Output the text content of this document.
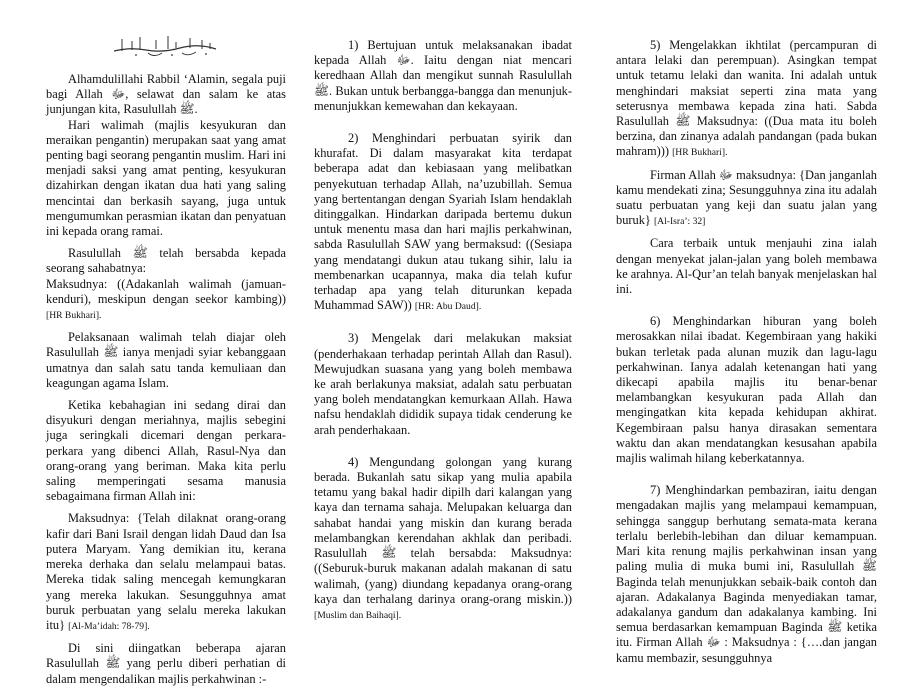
Alhamdulillahi Rabbil ‘Alamin, segala puji bagi Allah ﷻ, selawat dan salam ke atas junjungan kita, Rasulullah ﷺ.

Hari walimah (majlis kesyukuran dan meraikan pengantin) merupakan saat yang amat penting bagi seorang pengantin muslim. Hari ini menjadi saksi yang amat penting, kesyukuran dizahirkan dengan ikatan dua hati yang saling mencintai dan berkasih sayang, juga untuk mengumumkan perasmian ikatan dan penyatuan ini kepada orang ramai.

Rasulullah ﷺ telah bersabda kepada seorang sahabatnya:

Maksudnya: ((Adakanlah walimah (jamuan-kenduri), meskipun dengan seekor kambing)) [HR Bukhari].

Pelaksanaan walimah telah diajar oleh Rasulullah ﷺ ianya menjadi syiar kebanggaan umatnya dan salah satu tanda kemuliaan dan keagungan agama Islam.

Ketika kebahagian ini sedang dirai dan disyukuri dengan meriahnya, majlis sebegini juga seringkali dicemari dengan perkara-perkara yang dibenci Allah, Rasul-Nya dan orang-orang yang beriman. Maka kita perlu saling memperingati sesama manusia sebagaimana firman Allah ini:

Maksudnya: {Telah dilaknat orang-orang kafir dari Bani Israil dengan lidah Daud dan Isa putera Maryam. Yang demikian itu, kerana mereka derhaka dan selalu melampaui batas. Mereka tidak saling mencegah kemungkaran yang mereka lakukan. Sesungguhnya amat buruk perbuatan yang selalu mereka lakukan itu} [Al-Ma’idah: 78-79].

Di sini diingatkan beberapa ajaran Rasulullah ﷺ yang perlu diberi perhatian di dalam mengendalikan majlis perkahwinan :-

1) Bertujuan untuk melaksanakan ibadat kepada Allah ﷻ. Iaitu dengan niat mencari keredhaan Allah dan mengikut sunnah Rasulullah ﷺ. Bukan untuk berbangga-bangga dan menunjuk-menunjukkan kemewahan dan kekayaan.

2) Menghindari perbuatan syirik dan khurafat. Di dalam masyarakat kita terdapat beberapa adat dan kebiasaan yang melibatkan penyekutuan terhadap Allah, na’uzubillah. Semua yang bertentangan dengan Syariah Islam hendaklah ditinggalkan. Hindarkan daripada bertemu dukun untuk menentu masa dan hari majlis perkahwinan, sabda Rasulullah SAW yang bermaksud: ((Sesiapa yang mendatangi dukun atau tukang sihir, lalu ia membenarkan ucapannya, maka dia telah kufur terhadap apa yang telah diturunkan kepada Muhammad SAW)) [HR: Abu Daud].

3) Mengelak dari melakukan maksiat (penderhakaan terhadap perintah Allah dan Rasul). Mewujudkan suasana yang yang boleh membawa ke arah berlakunya maksiat, adalah satu perbuatan yang boleh mendatangkan kemurkaan Allah. Hawa nafsu hendaklah dididik supaya tidak cenderung ke arah penderhakaan.

4) Mengundang golongan yang kurang berada. Bukanlah satu sikap yang mulia apabila tetamu yang bakal hadir dipilh dari kalangan yang kaya dan ternama sahaja. Melupakan keluarga dan sahabat handai yang miskin dan kurang berada melambangkan kerendahan akhlak dan peribadi. Rasulullah ﷺ telah bersabda: Maksudnya: ((Seburuk-buruk makanan adalah makanan di satu walimah, (yang) diundang kepadanya orang-orang kaya dan terhalang darinya orang-orang miskin.)) [Muslim dan Baihaqi].

5) Mengelakkan ikhtilat (percampuran di antara lelaki dan perempuan). Asingkan tempat untuk tetamu lelaki dan wanita. Ini adalah untuk menghindari maksiat seperti zina mata yang seterusnya membawa kepada zina hati. Sabda Rasulullah ﷺ Maksudnya: ((Dua mata itu boleh berzina, dan zinanya adalah pandangan (pada bukan mahram))) [HR Bukhari].

Firman Allah ﷻ maksudnya: {Dan janganlah kamu mendekati zina; Sesungguhnya zina itu adalah suatu perbuatan yang keji dan suatu jalan yang buruk} [Al-Isra’: 32]

Cara terbaik untuk menjauhi zina ialah dengan menyekat jalan-jalan yang boleh membawa ke arahnya. Al-Qur’an telah banyak menjelaskan hal ini.

6) Menghindarkan hiburan yang boleh merosakkan nilai ibadat. Kegembiraan yang hakiki bukan terletak pada alunan muzik dan lagu-lagu perkahwinan. Ianya adalah ketenangan hati yang dikecapi apabila majlis itu benar-benar melambangkan kesyukuran pada Allah dan mengingatkan kita kepada kehidupan akhirat. Kegembiraan palsu hanya dirasakan sementara waktu dan akan mendatangkan kesusahan apabila majlis walimah hilang keberkatannya.

7) Menghindarkan pembaziran, iaitu dengan mengadakan majlis yang melampaui kemampuan, sehingga sanggup berhutang semata-mata kerana terlalu berlebih-lebihan dan diluar kemampuan. Mari kita renung majlis perkahwinan insan yang paling mulia di muka bumi ini, Rasulullah ﷺ Baginda telah menunjukkan sebaik-baik contoh dan ajaran. Adakalanya Baginda menyediakan tamar, adakalanya gandum dan adakalanya kambing. Ini semua berdasarkan kemampuan Baginda ﷺ ketika itu. Firman Allah ﷻ : Maksudnya : {….dan jangan kamu membazir, sesungguhnya
